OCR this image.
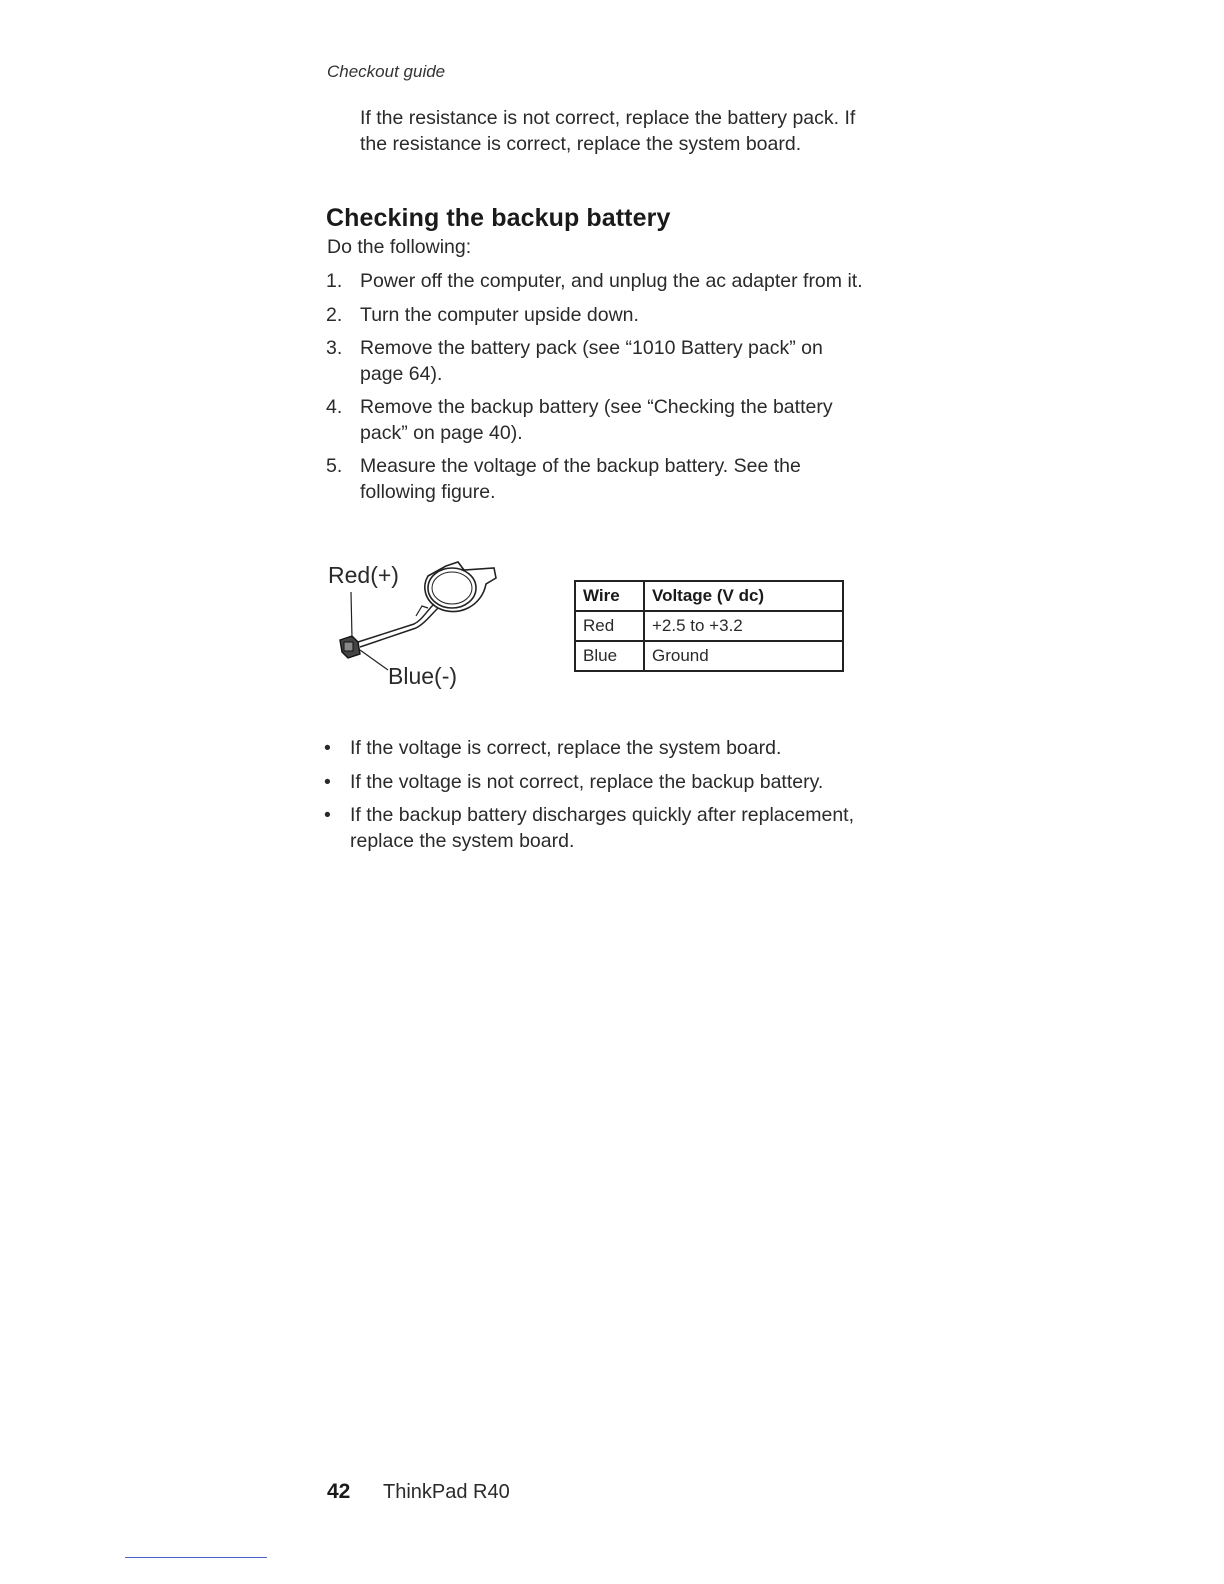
Checkout guide
If the resistance is not correct, replace the battery pack. If the resistance is correct, replace the system board.
Checking the backup battery
Do the following:
1. Power off the computer, and unplug the ac adapter from it.
2. Turn the computer upside down.
3. Remove the battery pack (see “1010 Battery pack” on page 64).
4. Remove the backup battery (see “Checking the battery pack” on page 40).
5. Measure the voltage of the backup battery. See the following figure.
Red(+)
Blue(-)
Wire	Voltage (V dc)
Red	+2.5 to +3.2
Blue	Ground
• If the voltage is correct, replace the system board.
• If the voltage is not correct, replace the backup battery.
• If the backup battery discharges quickly after replacement, replace the system board.
42 ThinkPad R40
